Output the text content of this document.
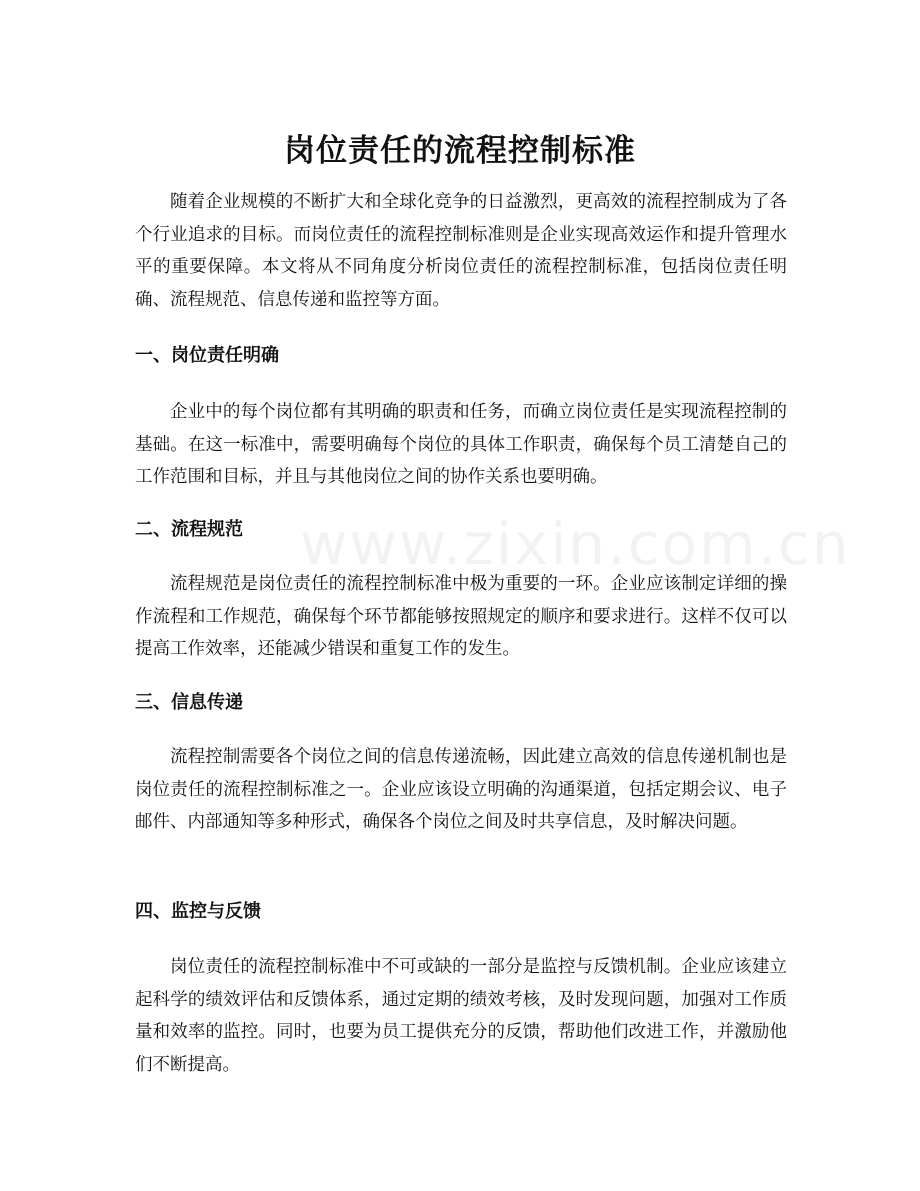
www.zixin.com.cn
岗位责任的流程控制标准

随着企业规模的不断扩大和全球化竞争的日益激烈，更高效的流程控制成为了各个行业追求的目标。而岗位责任的流程控制标准则是企业实现高效运作和提升管理水平的重要保障。本文将从不同角度分析岗位责任的流程控制标准，包括岗位责任明确、流程规范、信息传递和监控等方面。

一、岗位责任明确

企业中的每个岗位都有其明确的职责和任务，而确立岗位责任是实现流程控制的基础。在这一标准中，需要明确每个岗位的具体工作职责，确保每个员工清楚自己的工作范围和目标，并且与其他岗位之间的协作关系也要明确。

二、流程规范

流程规范是岗位责任的流程控制标准中极为重要的一环。企业应该制定详细的操作流程和工作规范，确保每个环节都能够按照规定的顺序和要求进行。这样不仅可以提高工作效率，还能减少错误和重复工作的发生。

三、信息传递

流程控制需要各个岗位之间的信息传递流畅，因此建立高效的信息传递机制也是岗位责任的流程控制标准之一。企业应该设立明确的沟通渠道，包括定期会议、电子邮件、内部通知等多种形式，确保各个岗位之间及时共享信息，及时解决问题。

四、监控与反馈

岗位责任的流程控制标准中不可或缺的一部分是监控与反馈机制。企业应该建立起科学的绩效评估和反馈体系，通过定期的绩效考核，及时发现问题，加强对工作质量和效率的监控。同时，也要为员工提供充分的反馈，帮助他们改进工作，并激励他们不断提高。
